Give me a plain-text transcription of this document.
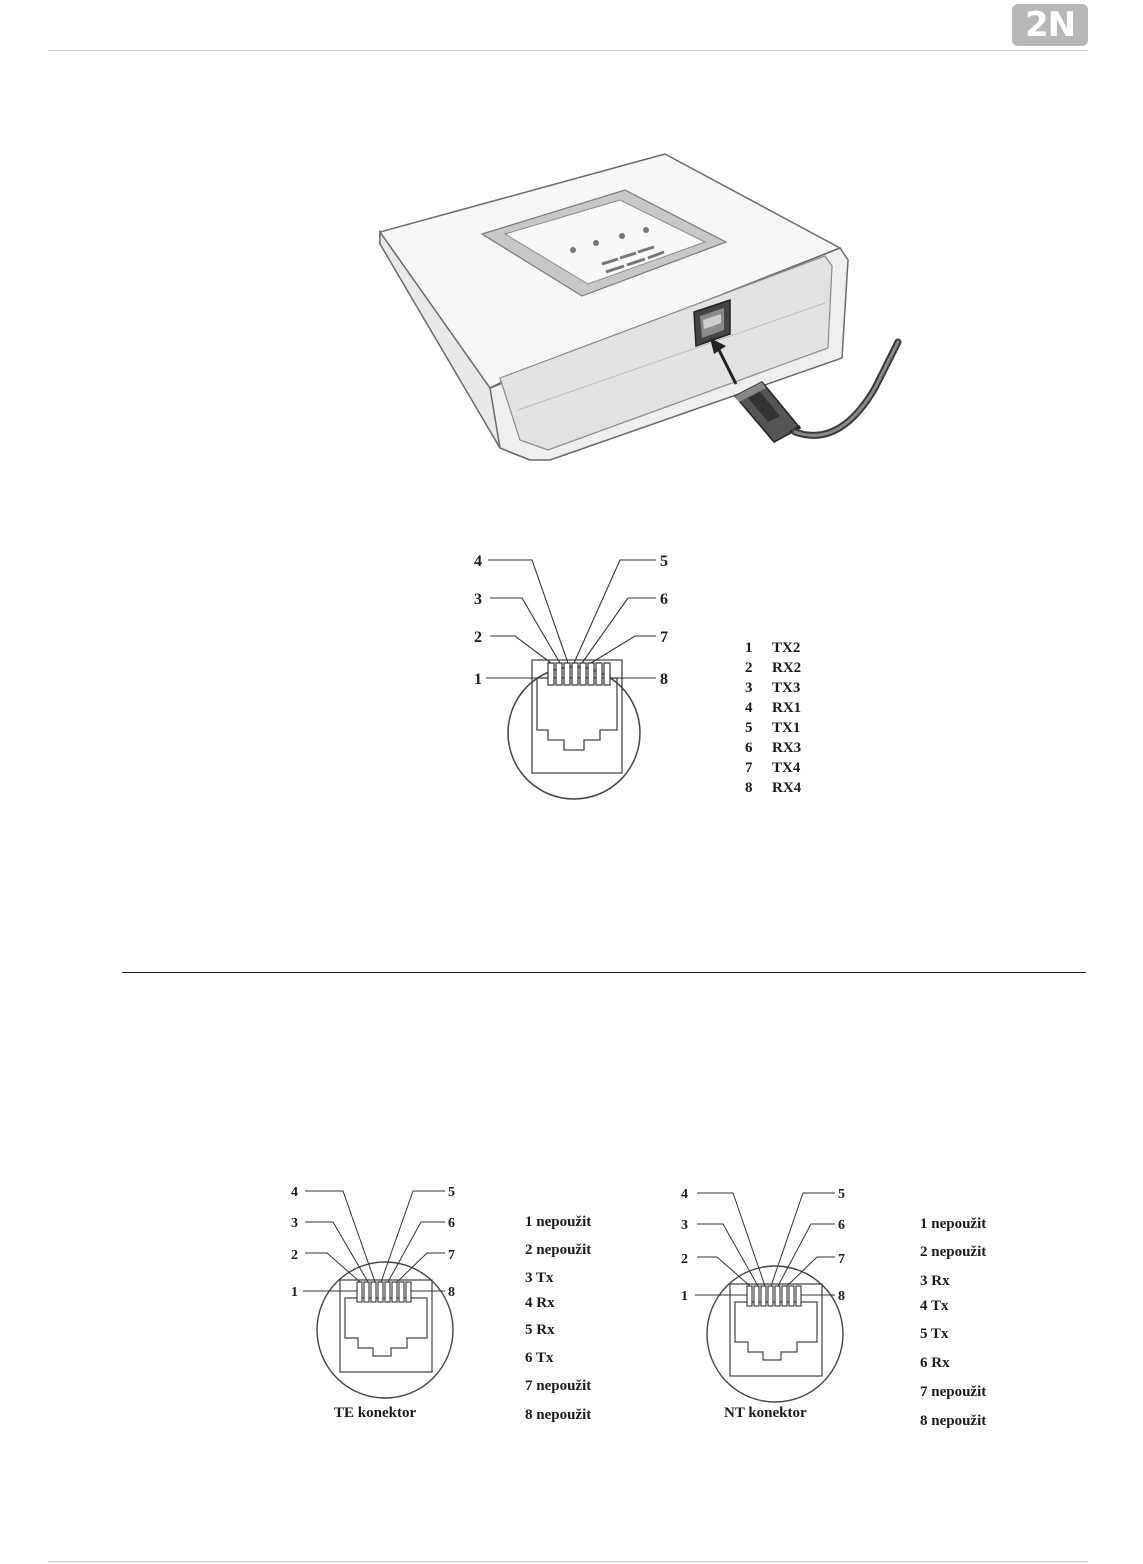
2N
4
3
2
1
5
6
7
8
1 TX2
2 RX2
3 TX3
4 RX1
5 TX1
6 RX3
7 TX4
8 RX4
4
3
2
1
5
6
7
8
TE konektor
1 nepoužit
2 nepoužit
3 Tx
4 Rx
5 Rx
6 Tx
7 nepoužit
8 nepoužit
4
3
2
1
5
6
7
8
NT konektor
1 nepoužit
2 nepoužit
3 Rx
4 Tx
5 Tx
6 Rx
7 nepoužit
8 nepoužit
